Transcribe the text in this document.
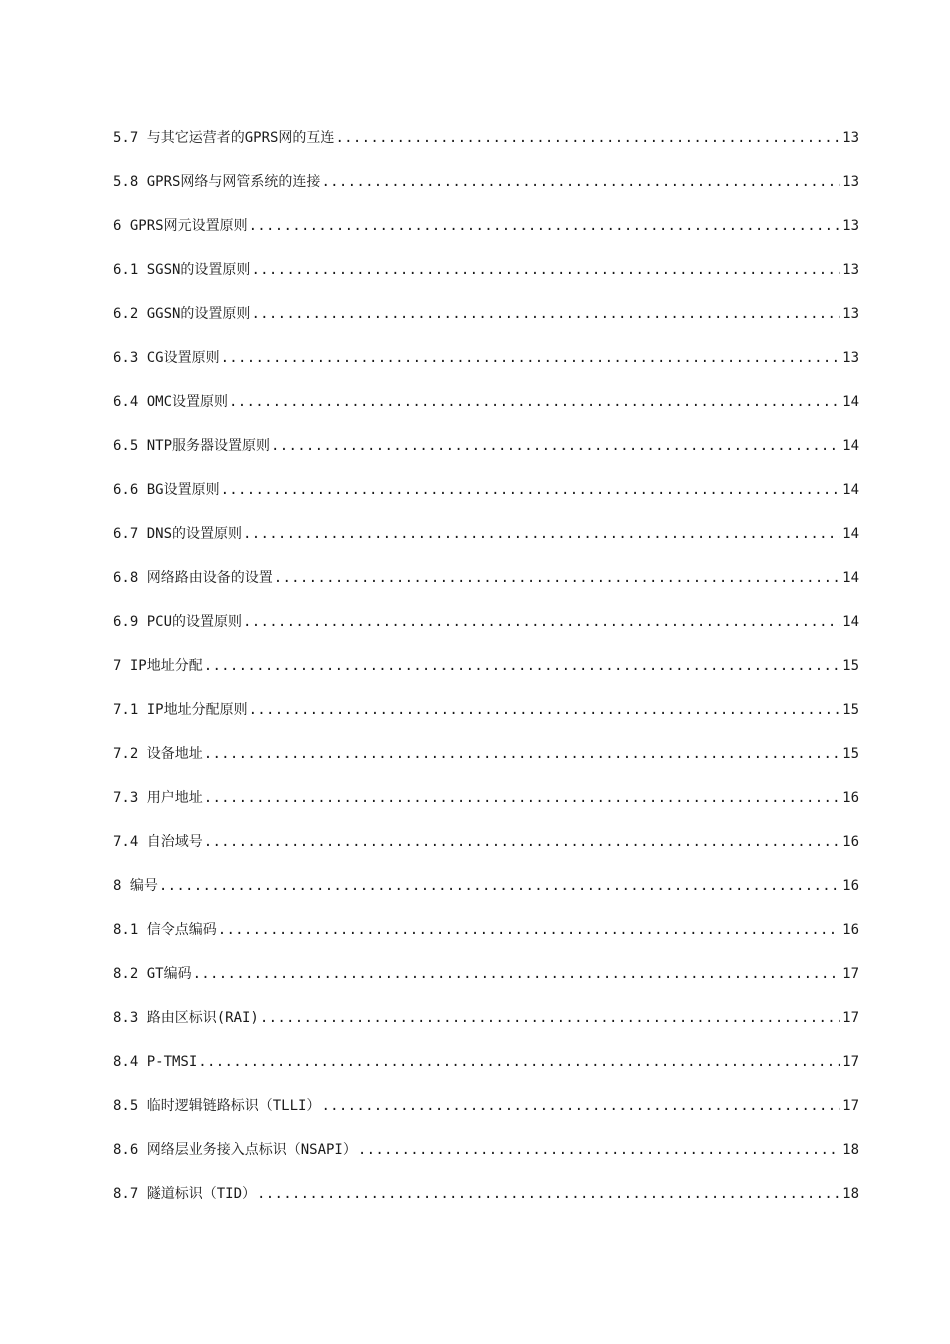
5.7 与其它运营者的GPRS网的互连 .....	13
5.8 GPRS网络与网管系统的连接 .....	13
6 GPRS网元设置原则 .....	13
6.1 SGSN的设置原则 .....	13
6.2 GGSN的设置原则 .....	13
6.3 CG设置原则 .....	13
6.4 OMC设置原则 .....	14
6.5 NTP服务器设置原则 .....	14
6.6 BG设置原则 .....	14
6.7 DNS的设置原则 .....	14
6.8 网络路由设备的设置 .....	14
6.9 PCU的设置原则 .....	14
7 IP地址分配 .....	15
7.1 IP地址分配原则 .....	15
7.2 设备地址 .....	15
7.3 用户地址 .....	16
7.4 自治域号 .....	16
8 编号 .....	16
8.1 信令点编码 .....	16
8.2 GT编码 .....	17
8.3 路由区标识(RAI) .....	17
8.4 P-TMSI .....	17
8.5 临时逻辑链路标识（TLLI） .....	17
8.6 网络层业务接入点标识（NSAPI） .....	18
8.7 隧道标识（TID） .....	18
